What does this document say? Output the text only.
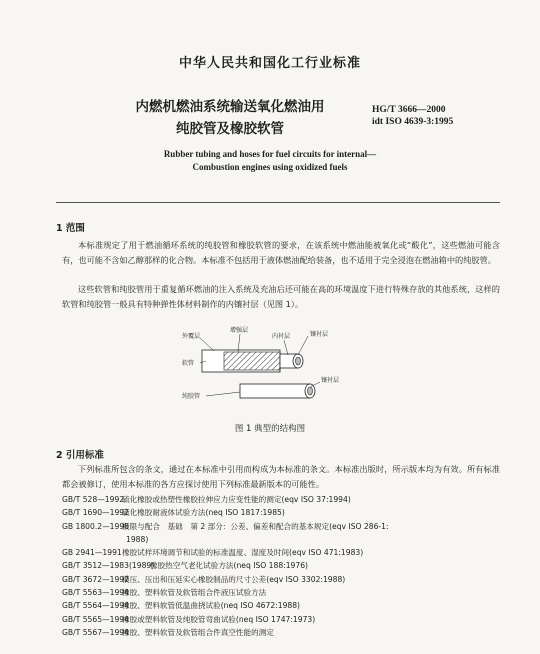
中华人民共和国化工行业标准
内燃机燃油系统输送氧化燃油用
纯胶管及橡胶软管
HG/T 3666—2000
idt ISO 4639-3:1995
Rubber tubing and hoses for fuel circuits for internal—
Combustion engines using oxidized fuels
1 范围
本标准规定了用于燃油循环系统的纯胶管和橡胶软管的要求，在该系统中燃油能被氧化或“酸化”，这些燃油可能含有，也可能不含如乙醇那样的化合物。本标准不包括用于液体燃油配给装备，也不适用于完全浸泡在燃油箱中的纯胶管。
这些软管和纯胶管用于重复循环燃油的注入系统及充油后还可能在高的环境温度下进行特殊存放的其他系统，这样的软管和纯胶管一般具有特种弹性体材料制作的内镶衬层（见图 1）。
外覆层
增强层
内衬层	镶衬层
软管
镶衬层
纯胶管
图 1 典型的结构图
2 引用标准
下列标准所包含的条文，通过在本标准中引用而构成为本标准的条文。本标准出版时，所示版本均为有效。所有标准都会被修订，使用本标准的各方应探讨使用下列标准最新版本的可能性。
GB/T 528—1992硫化橡胶或热塑性橡胶拉伸应力应变性能的测定(eqv ISO 37:1994)
GB/T 1690—1992硫化橡胶耐液体试验方法(neq ISO 1817:1985)
GB 1800.2—1998极限与配合　基础　第 2 部分：公差、偏差和配合的基本规定(eqv ISO 286-1:
1988)
GB 2941—1991橡胶试样环境调节和试验的标准温度、湿度及时间(eqv ISO 471:1983)
GB/T 3512—1983(1989)橡胶热空气老化试验方法(neq ISO 188:1976)
GB/T 3672—1992模压、压出和压延实心橡胶制品的尺寸公差(eqv ISO 3302:1988)
GB/T 5563—1994橡胶、塑料软管及软管组合件液压试验方法
GB/T 5564—1994橡胶、塑料软管低温曲挠试验(neq ISO 4672:1988)
GB/T 5565—1994橡胶或塑料软管及纯胶管弯曲试验(neq ISO 1747:1973)
GB/T 5567—1994橡胶、塑料软管及软管组合件真空性能的测定
